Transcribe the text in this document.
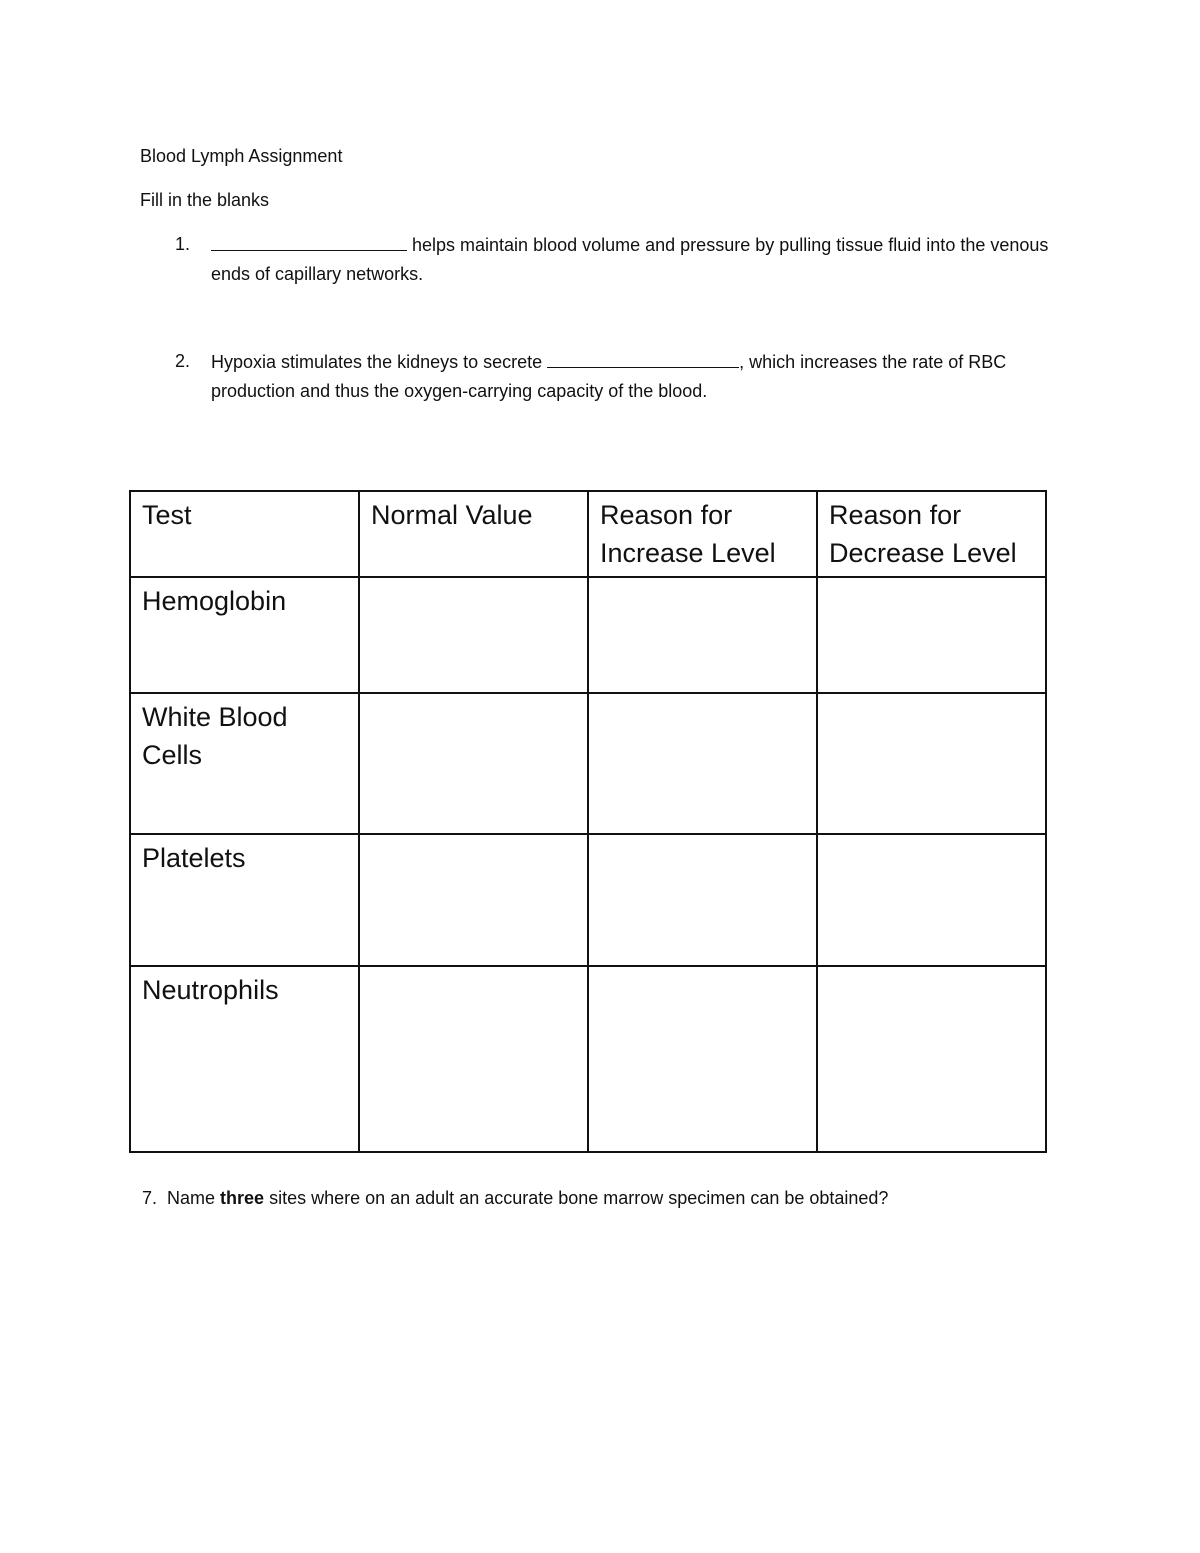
Blood Lymph Assignment
Fill in the blanks
1.	helps maintain blood volume and pressure by pulling tissue fluid into the venous ends of capillary networks.
2. Hypoxia stimulates the kidneys to secrete	, which increases the rate of RBC production and thus the oxygen-carrying capacity of the blood.
Test	Normal Value	Reason for Increase Level	Reason for Decrease Level
Hemoglobin			
White Blood Cells			
Platelets			
Neutrophils			
7. Name three sites where on an adult an accurate bone marrow specimen can be obtained?
